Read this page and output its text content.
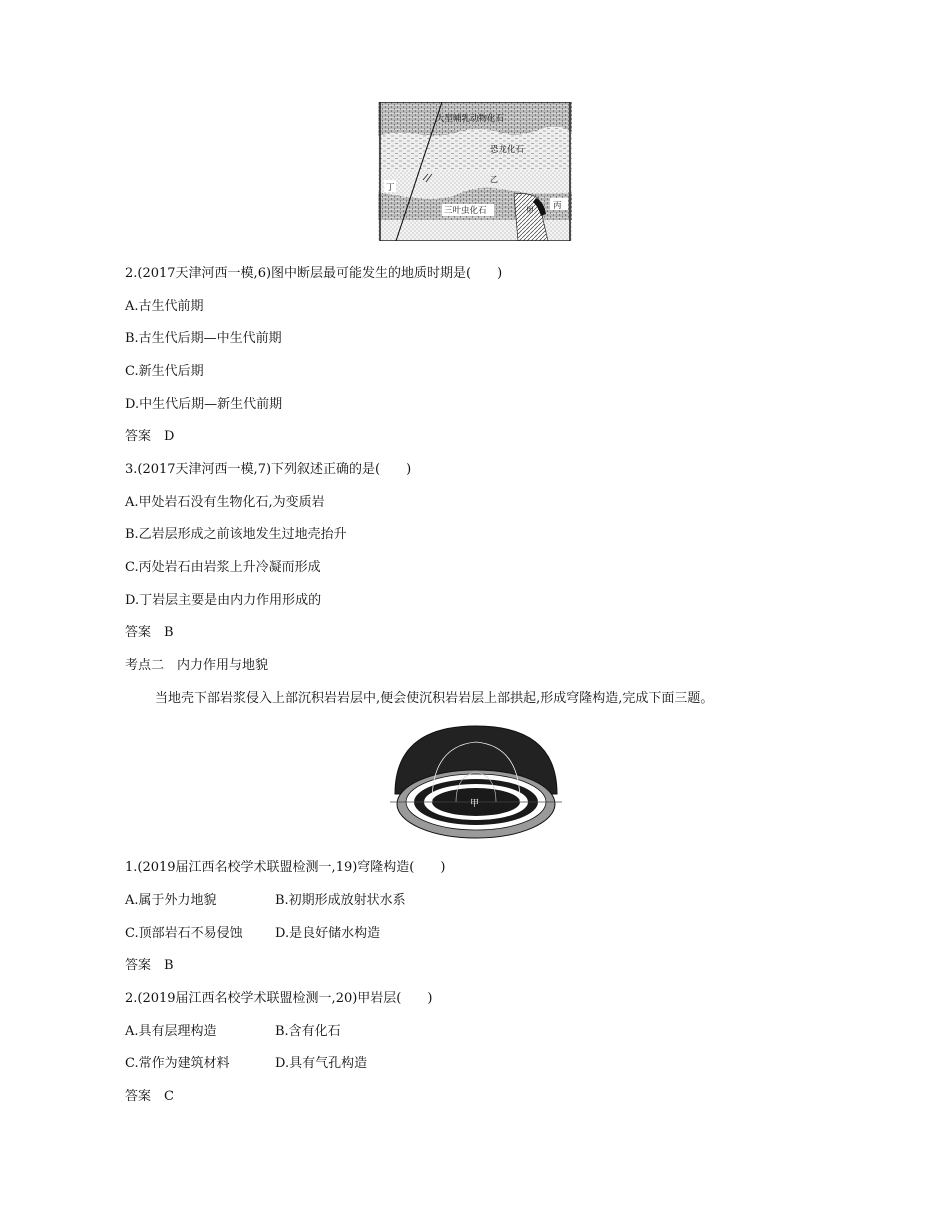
大型哺乳动物化石
恐龙化石
三叶虫化石	甲
乙
丙
丁
2.(2017天津河西一模,6)图中断层最可能发生的地质时期是(　　)
A.古生代前期
B.古生代后期—中生代前期
C.新生代后期
D.中生代后期—新生代前期
答案　D
3.(2017天津河西一模,7)下列叙述正确的是(　　)
A.甲处岩石没有生物化石,为变质岩
B.乙岩层形成之前该地发生过地壳抬升
C.丙处岩石由岩浆上升冷凝而形成
D.丁岩层主要是由内力作用形成的
答案　B
考点二　内力作用与地貌
当地壳下部岩浆侵入上部沉积岩岩层中,便会使沉积岩岩层上部拱起,形成穹隆构造,完成下面三题。
甲
1.(2019届江西名校学术联盟检测一,19)穹隆构造(　　)
A.属于外力地貌	B.初期形成放射状水系
C.顶部岩石不易侵蚀 D.是良好储水构造
答案　B
2.(2019届江西名校学术联盟检测一,20)甲岩层(　　)
A.具有层理构造	B.含有化石
C.常作为建筑材料	D.具有气孔构造
答案　C
